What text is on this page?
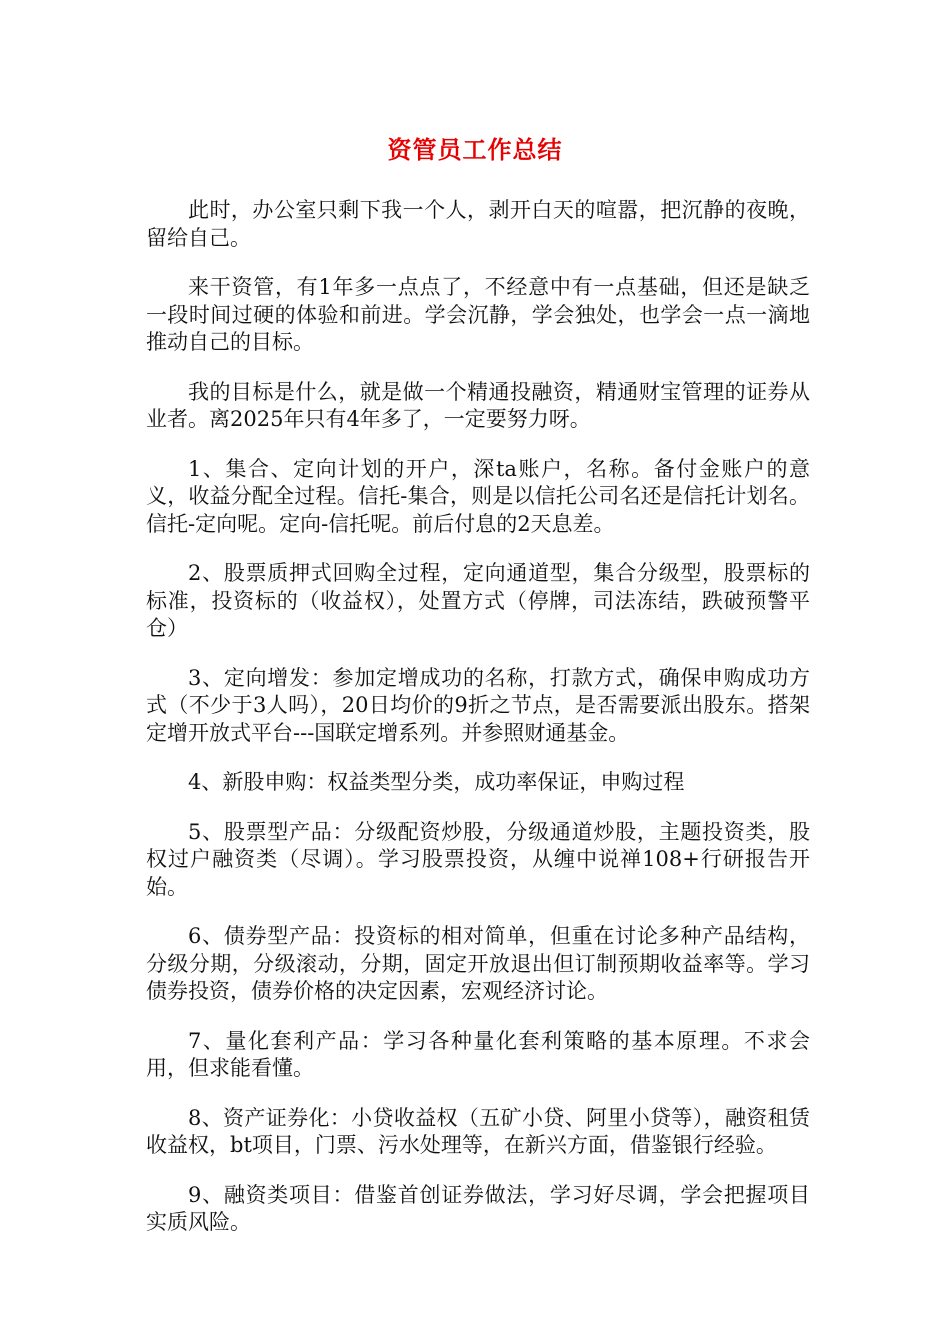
资管员工作总结

此时，办公室只剩下我一个人，剥开白天的喧嚣，把沉静的夜晚，留给自己。

来干资管，有1年多一点点了，不经意中有一点基础，但还是缺乏一段时间过硬的体验和前进。学会沉静，学会独处，也学会一点一滴地推动自己的目标。

我的目标是什么，就是做一个精通投融资，精通财宝管理的证券从业者。离2025年只有4年多了，一定要努力呀。

1、集合、定向计划的开户，深ta账户，名称。备付金账户的意义，收益分配全过程。信托-集合，则是以信托公司名还是信托计划名。信托-定向呢。定向-信托呢。前后付息的2天息差。

2、股票质押式回购全过程，定向通道型，集合分级型，股票标的标准，投资标的（收益权），处置方式（停牌，司法冻结，跌破预警平仓）

3、定向增发：参加定增成功的名称，打款方式，确保申购成功方式（不少于3人吗），20日均价的9折之节点，是否需要派出股东。搭架定增开放式平台---国联定增系列。并参照财通基金。

4、新股申购：权益类型分类，成功率保证，申购过程

5、股票型产品：分级配资炒股，分级通道炒股，主题投资类，股权过户融资类（尽调）。学习股票投资，从缠中说禅108+行研报告开始。

6、债券型产品：投资标的相对简单，但重在讨论多种产品结构，分级分期，分级滚动，分期，固定开放退出但订制预期收益率等。学习债券投资，债券价格的决定因素，宏观经济讨论。

7、量化套利产品：学习各种量化套利策略的基本原理。不求会用，但求能看懂。

8、资产证券化：小贷收益权（五矿小贷、阿里小贷等），融资租赁收益权，bt项目，门票、污水处理等，在新兴方面，借鉴银行经验。

9、融资类项目：借鉴首创证券做法，学习好尽调，学会把握项目实质风险。
